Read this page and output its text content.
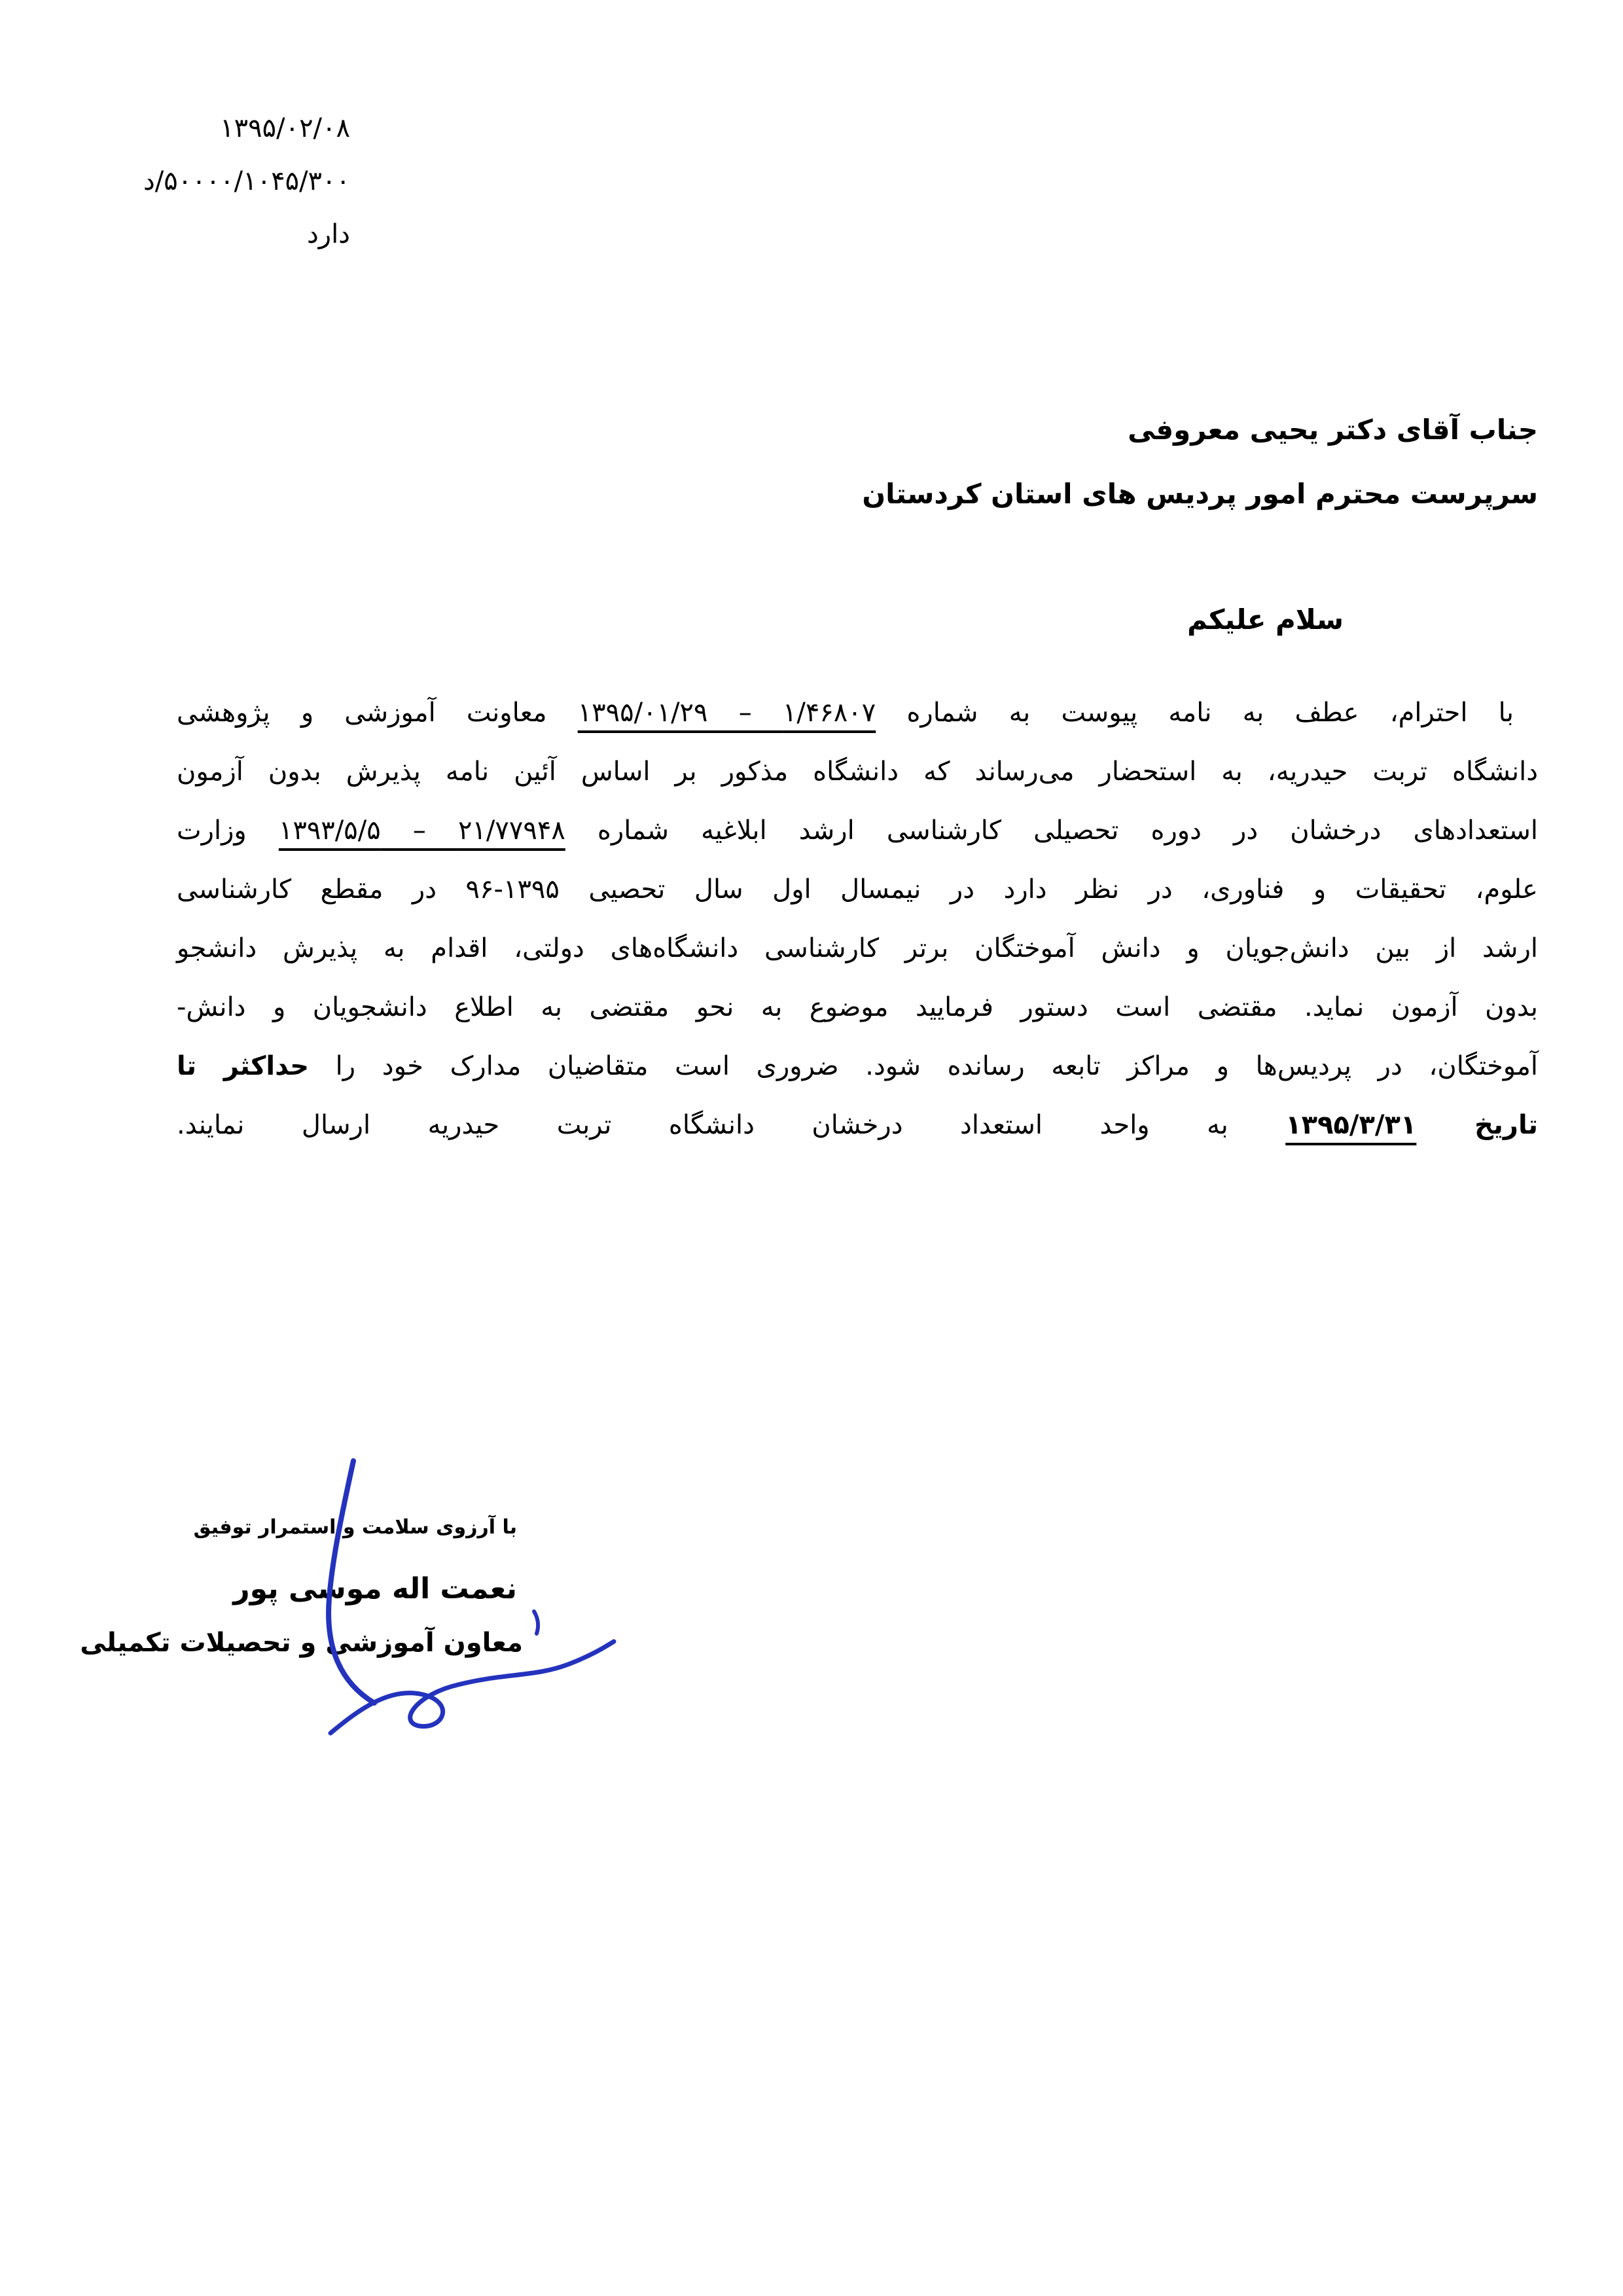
۱۳۹۵/۰۲/۰۸
۵۰۰۰۰/۱۰۴۵/۳۰۰/د
دارد
جناب آقای دکتر یحیی معروفی
سرپرست محترم امور پردیس های استان کردستان
سلام علیکم
با احترام، عطف به نامه پیوست به شماره ۱/۴۶۸۰۷ – ۱۳۹۵/۰۱/۲۹ معاونت آموزشی و پژوهشی
دانشگاه تربت حیدریه، به استحضار می‌رساند که دانشگاه مذکور بر اساس آئین نامه پذیرش بدون آزمون
استعدادهای درخشان در دوره تحصیلی کارشناسی ارشد ابلاغیه شماره ۲۱/۷۷۹۴۸ – ۱۳۹۳/۵/۵ وزارت
علوم، تحقیقات و فناوری، در نظر دارد در نیمسال اول سال تحصیی ۱۳۹۵-۹۶ در مقطع کارشناسی
ارشد از بین دانش‌جویان و دانش آموختگان برتر کارشناسی دانشگاه‌های دولتی، اقدام به پذیرش دانشجو
بدون آزمون نماید. مقتضی است دستور فرمایید موضوع به نحو مقتضی به اطلاع دانشجویان و دانش-
آموختگان، در پردیس‌ها و مراکز تابعه رسانده شود. ضروری است متقاضیان مدارک خود را حداکثر تا
تاریخ ۱۳۹۵/۳/۳۱ به واحد استعداد درخشان دانشگاه تربت حیدریه ارسال نمایند.
با آرزوی سلامت و استمرار توفیق
نعمت اله موسی پور
معاون آموزشی و تحصیلات تکمیلی
